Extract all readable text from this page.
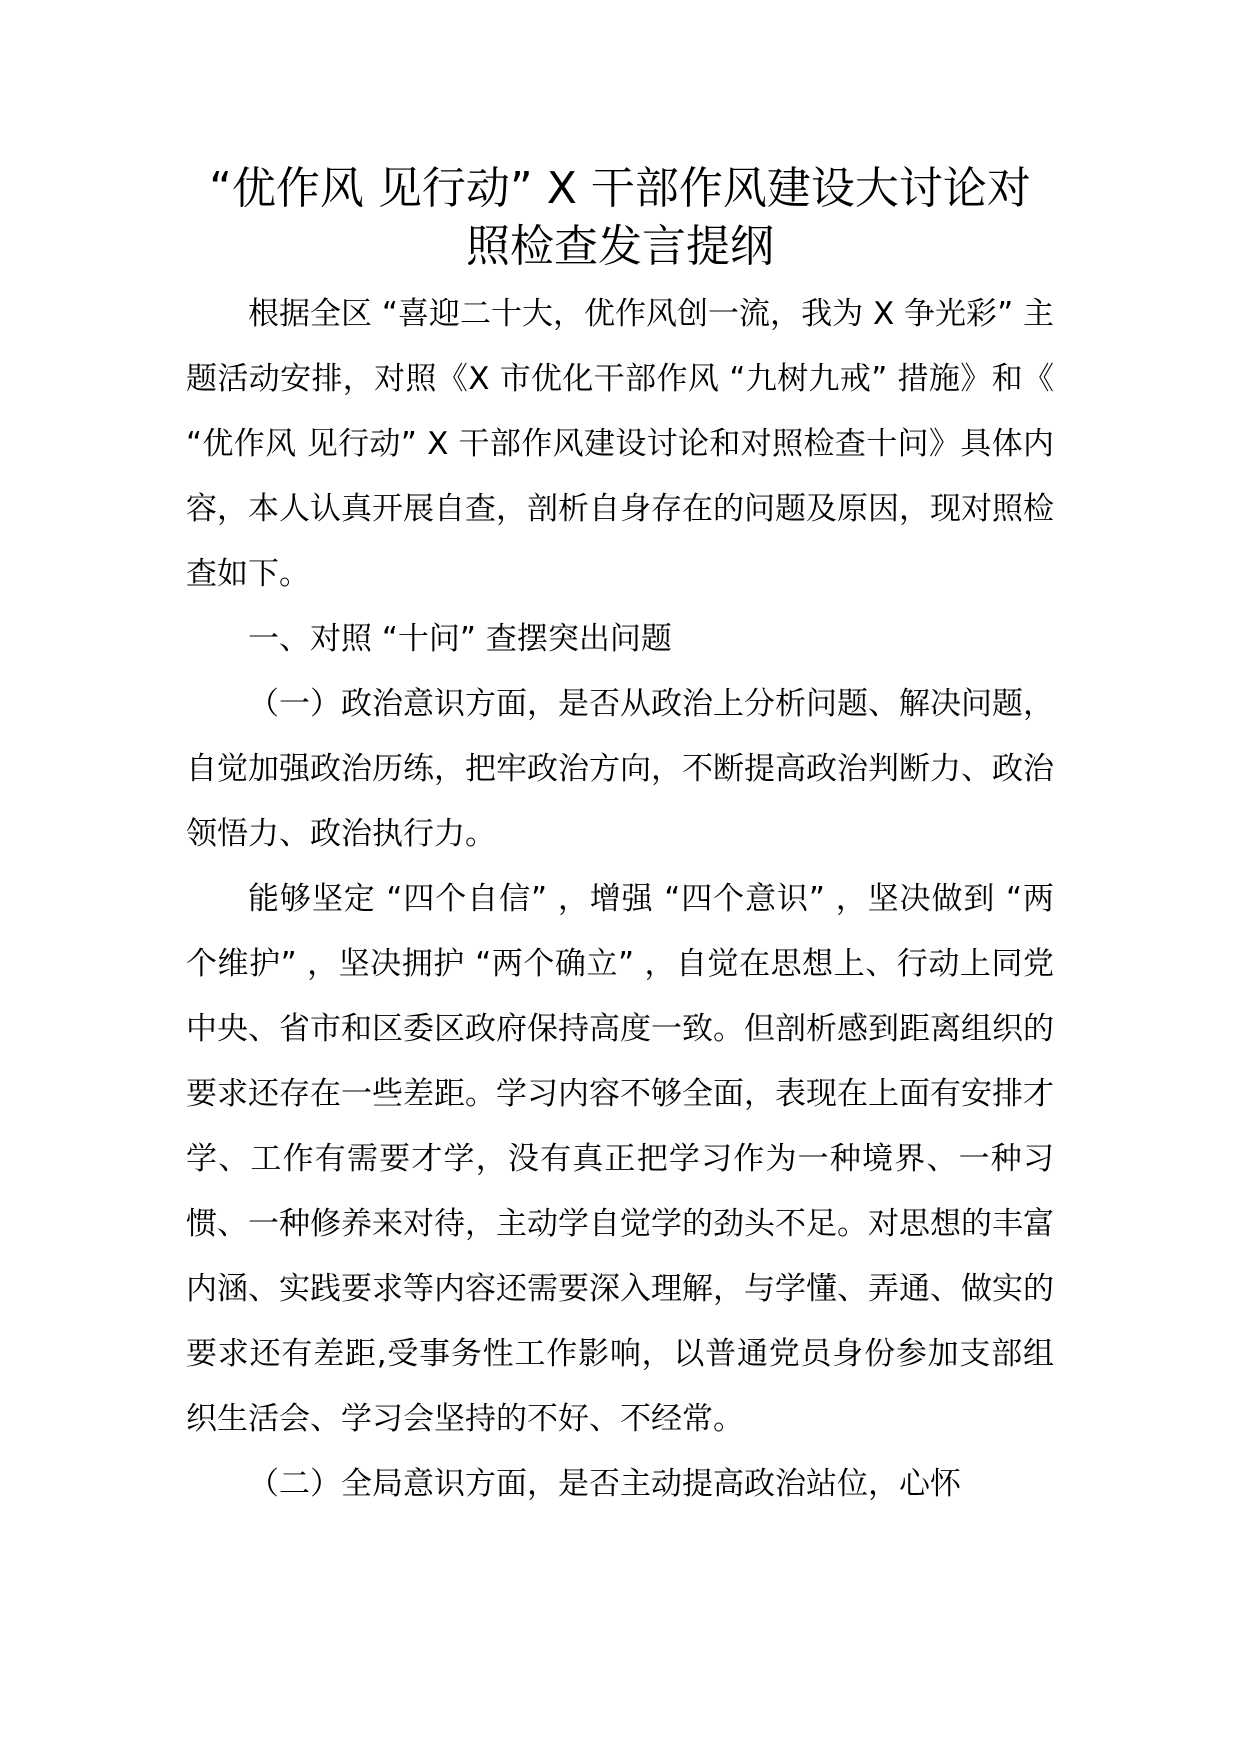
“优作风 见行动” X 干部作风建设大讨论对
照检查发言提纲

根据全区 “喜迎二十大，优作风创一流，我为 X 争光彩” 主题活动安排，对照《X 市优化干部作风 “九树九戒” 措施》和《 “优作风 见行动” X 干部作风建设讨论和对照检查十问》具体内容，本人认真开展自查，剖析自身存在的问题及原因，现对照检查如下。

一、对照 “十问” 查摆突出问题

（一）政治意识方面，是否从政治上分析问题、解决问题，自觉加强政治历练，把牢政治方向，不断提高政治判断力、政治领悟力、政治执行力。

能够坚定 “四个自信” ，增强 “四个意识” ，坚决做到 “两个维护” ，坚决拥护 “两个确立” ，自觉在思想上、行动上同党中央、省市和区委区政府保持高度一致。但剖析感到距离组织的要求还存在一些差距。学习内容不够全面，表现在上面有安排才学、工作有需要才学，没有真正把学习作为一种境界、一种习惯、一种修养来对待，主动学自觉学的劲头不足。对思想的丰富内涵、实践要求等内容还需要深入理解，与学懂、弄通、做实的要求还有差距,受事务性工作影响，以普通党员身份参加支部组织生活会、学习会坚持的不好、不经常。

（二）全局意识方面，是否主动提高政治站位，心怀
